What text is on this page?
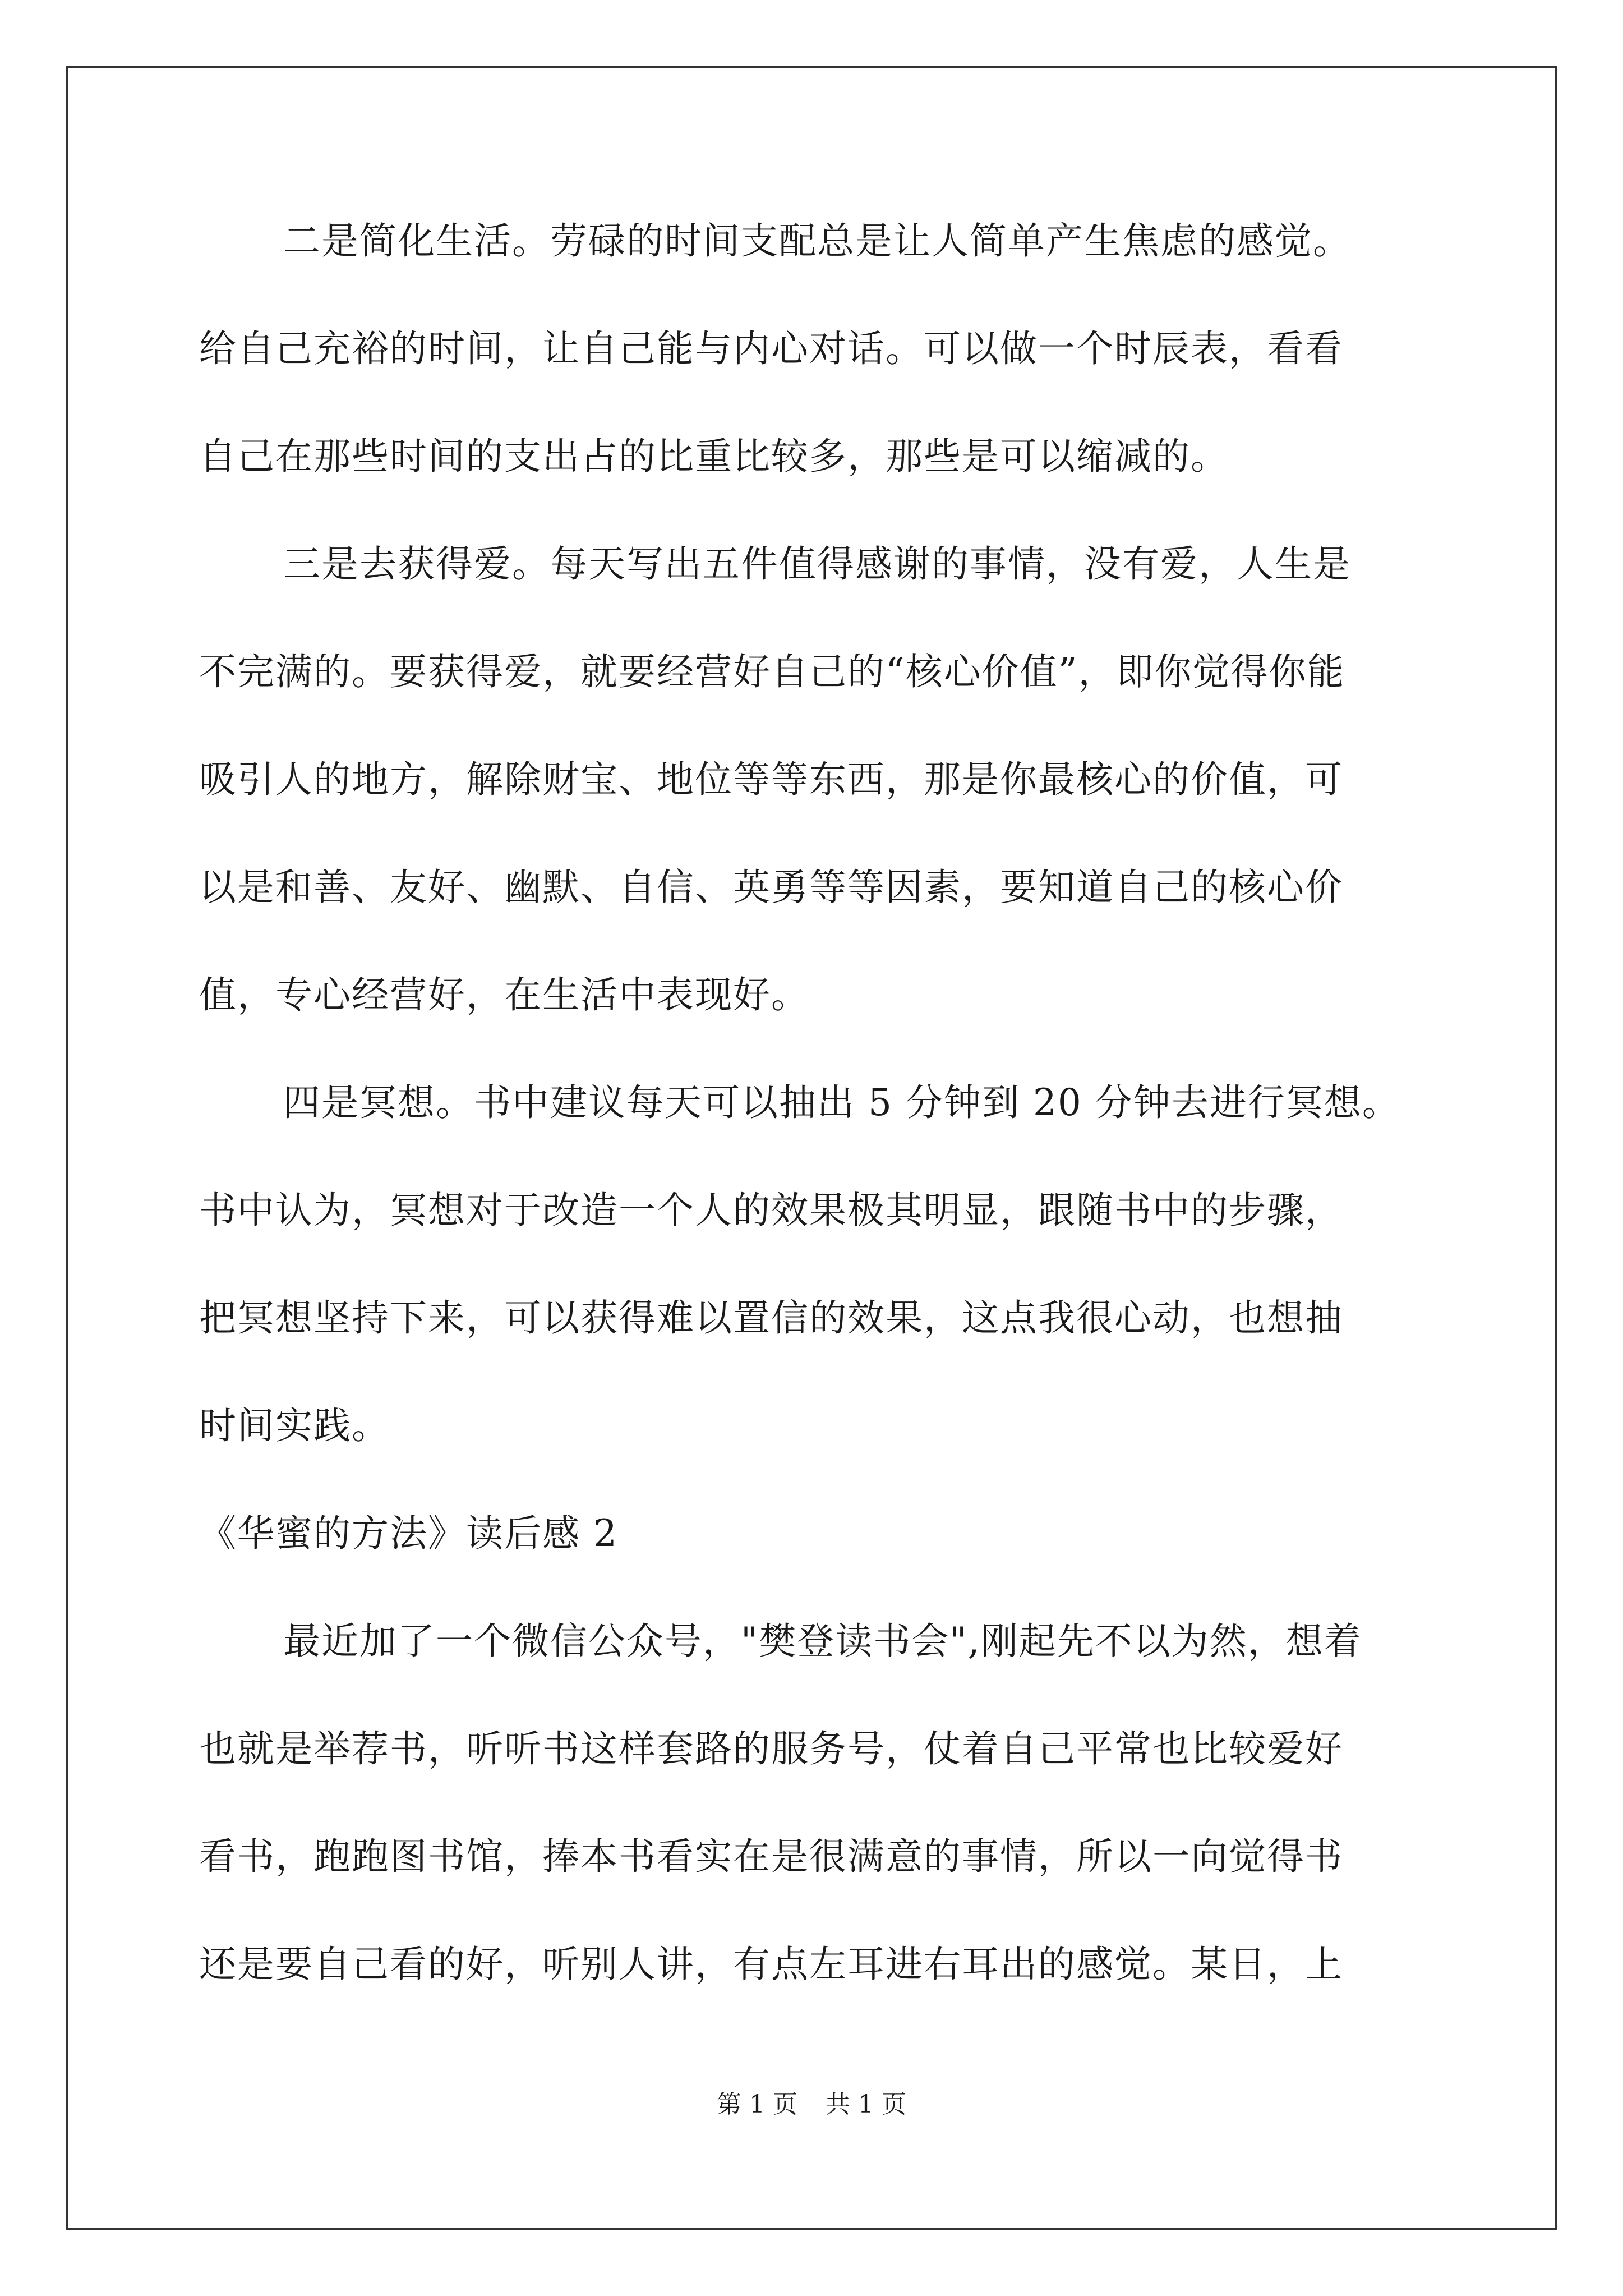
二是简化生活。劳碌的时间支配总是让人简单产生焦虑的感觉。
给自己充裕的时间，让自己能与内心对话。可以做一个时辰表，看看
自己在那些时间的支出占的比重比较多，那些是可以缩减的。
三是去获得爱。每天写出五件值得感谢的事情，没有爱，人生是
不完满的。要获得爱，就要经营好自己的“核心价值”，即你觉得你能
吸引人的地方，解除财宝、地位等等东西，那是你最核心的价值，可
以是和善、友好、幽默、自信、英勇等等因素，要知道自己的核心价
值，专心经营好，在生活中表现好。
四是冥想。书中建议每天可以抽出 5 分钟到 20 分钟去进行冥想。
书中认为，冥想对于改造一个人的效果极其明显，跟随书中的步骤，
把冥想坚持下来，可以获得难以置信的效果，这点我很心动，也想抽
时间实践。
《华蜜的方法》读后感 2
最近加了一个微信公众号，"樊登读书会",刚起先不以为然，想着
也就是举荐书，听听书这样套路的服务号，仗着自己平常也比较爱好
看书，跑跑图书馆，捧本书看实在是很满意的事情，所以一向觉得书
还是要自己看的好，听别人讲，有点左耳进右耳出的感觉。某日，上
第 1 页 共 1 页
